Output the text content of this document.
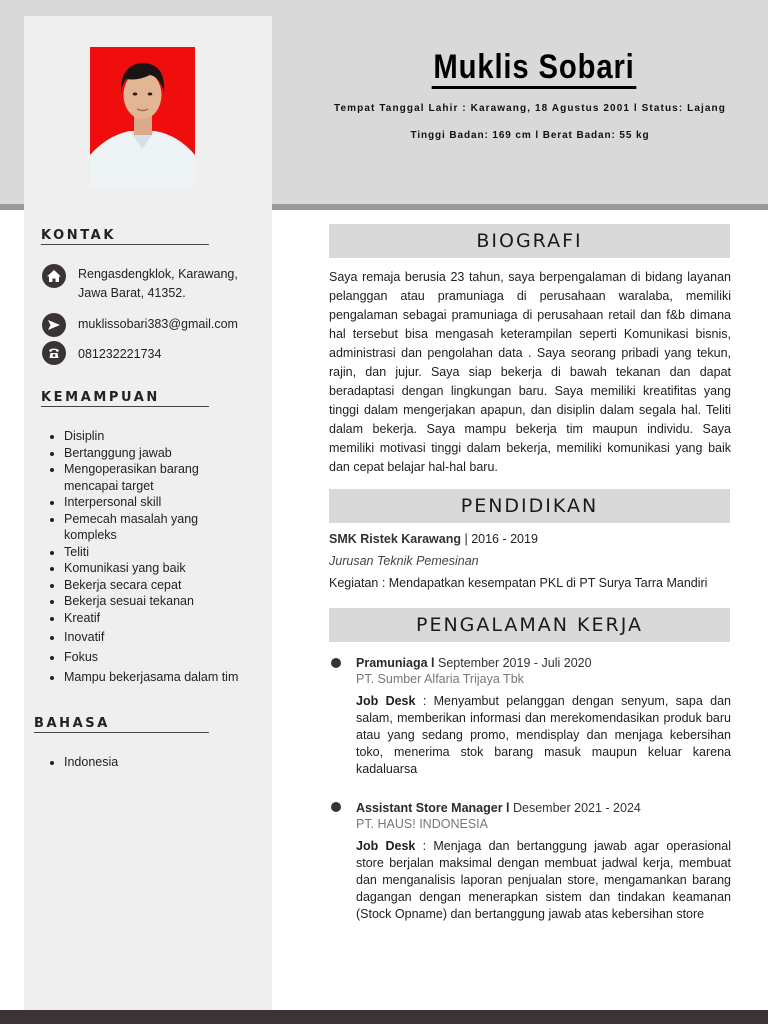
Muklis Sobari
Tempat Tanggal Lahir : Karawang, 18 Agustus 2001 l Status: Lajang
Tinggi Badan: 169 cm l Berat Badan: 55 kg
KONTAK
Rengasdengklok, Karawang,
Jawa Barat, 41352.
muklissobari383@gmail.com
081232221734
KEMAMPUAN
• Disiplin
• Bertanggung jawab
• Mengoperasikan barang mencapai target
• Interpersonal skill
• Pemecah masalah yang kompleks
• Teliti
• Komunikasi yang baik
• Bekerja secara cepat
• Bekerja sesuai tekanan
• Kreatif
• Inovatif
• Fokus
• Mampu bekerjasama dalam tim
BAHASA
• Indonesia
BIOGRAFI

Saya remaja berusia 23 tahun, saya berpengalaman di bidang layanan pelanggan atau pramuniaga di perusahaan waralaba, memiliki pengalaman sebagai pramuniaga di perusahaan retail dan f&b dimana hal tersebut bisa mengasah keterampilan seperti Komunikasi bisnis, administrasi dan pengolahan data . Saya seorang pribadi yang tekun, rajin, dan jujur. Saya siap bekerja di bawah tekanan dan dapat beradaptasi dengan lingkungan baru. Saya memiliki kreatifitas yang tinggi dalam mengerjakan apapun, dan disiplin dalam segala hal. Teliti dalam bekerja. Saya mampu bekerja tim maupun individu. Saya memiliki motivasi tinggi dalam bekerja, memiliki komunikasi yang baik dan cepat belajar hal-hal baru.

PENDIDIKAN
SMK Ristek Karawang | 2016 - 2019
Jurusan Teknik Pemesinan
Kegiatan : Mendapatkan kesempatan PKL di PT Surya Tarra Mandiri
PENGALAMAN KERJA
Pramuniaga l September 2019 - Juli 2020
PT. Sumber Alfaria Trijaya Tbk

Job Desk : Menyambut pelanggan dengan senyum, sapa dan salam, memberikan informasi dan merekomendasikan produk baru atau yang sedang promo, mendisplay dan menjaga kebersihan toko, menerima stok barang masuk maupun keluar karena kadaluarsa

Assistant Store Manager l Desember 2021 - 2024
PT. HAUS! INDONESIA

Job Desk : Menjaga dan bertanggung jawab agar operasional store berjalan maksimal dengan membuat jadwal kerja, membuat dan menganalisis laporan penjualan store, mengamankan barang dagangan dengan menerapkan sistem dan tindakan keamanan (Stock Opname) dan bertanggung jawab atas kebersihan store
